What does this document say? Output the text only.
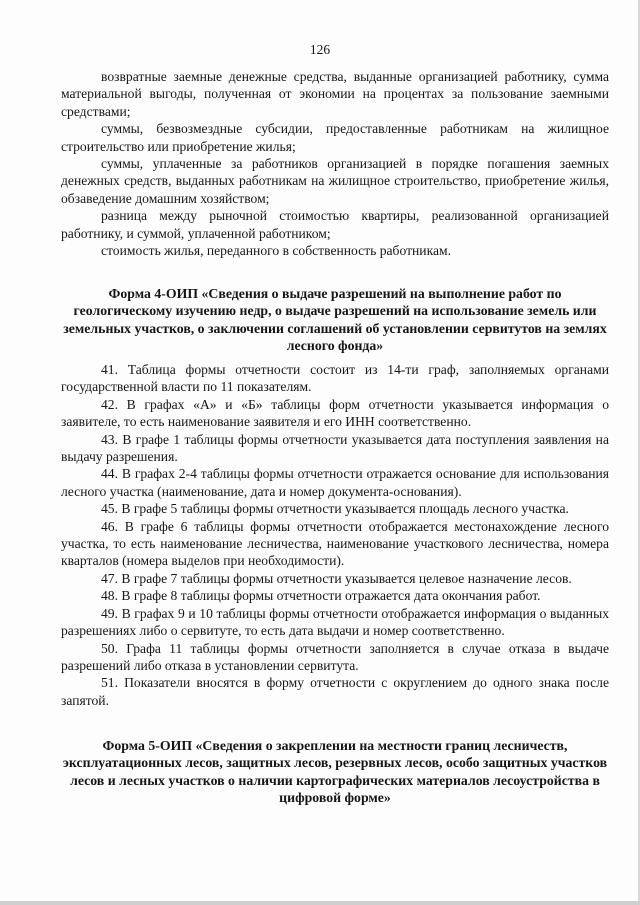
126

возвратные заемные денежные средства, выданные организацией работнику, сумма материальной выгоды, полученная от экономии на процентах за пользование заемными средствами;

суммы, безвозмездные субсидии, предоставленные работникам на жилищное строительство или приобретение жилья;

суммы, уплаченные за работников организацией в порядке погашения заемных денежных средств, выданных работникам на жилищное строительство, приобретение жилья, обзаведение домашним хозяйством;

разница между рыночной стоимостью квартиры, реализованной организацией работнику, и суммой, уплаченной работником;

стоимость жилья, переданного в собственность работникам.

Форма 4-ОИП «Сведения о выдаче разрешений на выполнение работ по геологическому изучению недр, о выдаче разрешений на использование земель или земельных участков, о заключении соглашений об установлении сервитутов на землях лесного фонда»

41. Таблица формы отчетности состоит из 14-ти граф, заполняемых органами государственной власти по 11 показателям.

42. В графах «А» и «Б» таблицы форм отчетности указывается информация о заявителе, то есть наименование заявителя и его ИНН соответственно.

43. В графе 1 таблицы формы отчетности указывается дата поступления заявления на выдачу разрешения.

44. В графах 2-4 таблицы формы отчетности отражается основание для использования лесного участка (наименование, дата и номер документа-основания).

45. В графе 5 таблицы формы отчетности указывается площадь лесного участка.

46. В графе 6 таблицы формы отчетности отображается местонахождение лесного участка, то есть наименование лесничества, наименование участкового лесничества, номера кварталов (номера выделов при необходимости).

47. В графе 7 таблицы формы отчетности указывается целевое назначение лесов.

48. В графе 8 таблицы формы отчетности отражается дата окончания работ.

49. В графах 9 и 10 таблицы формы отчетности отображается информация о выданных разрешениях либо о сервитуте, то есть дата выдачи и номер соответственно.

50. Графа 11 таблицы формы отчетности заполняется в случае отказа в выдаче разрешений либо отказа в установлении сервитута.

51. Показатели вносятся в форму отчетности с округлением до одного знака после запятой.

Форма 5-ОИП «Сведения о закреплении на местности границ лесничеств, эксплуатационных лесов, защитных лесов, резервных лесов, особо защитных участков лесов и лесных участков о наличии картографических материалов лесоустройства в цифровой форме»
